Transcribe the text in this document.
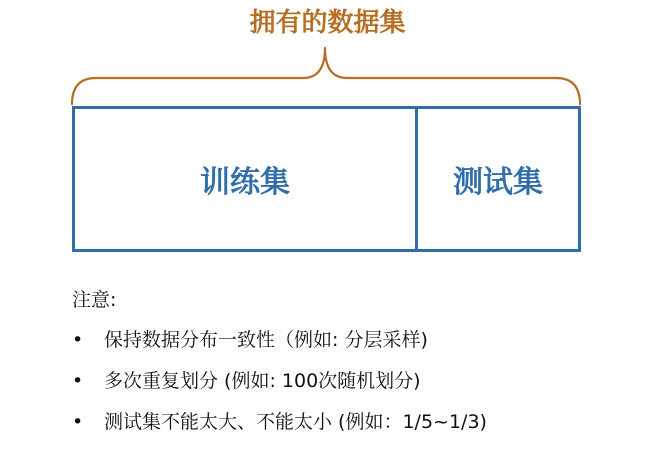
拥有的数据集
训练集	测试集
注意:
• 保持数据分布一致性（例如: 分层采样)
• 多次重复划分 (例如: 100次随机划分)
• 测试集不能太大、不能太小 (例如：1/5~1/3)
